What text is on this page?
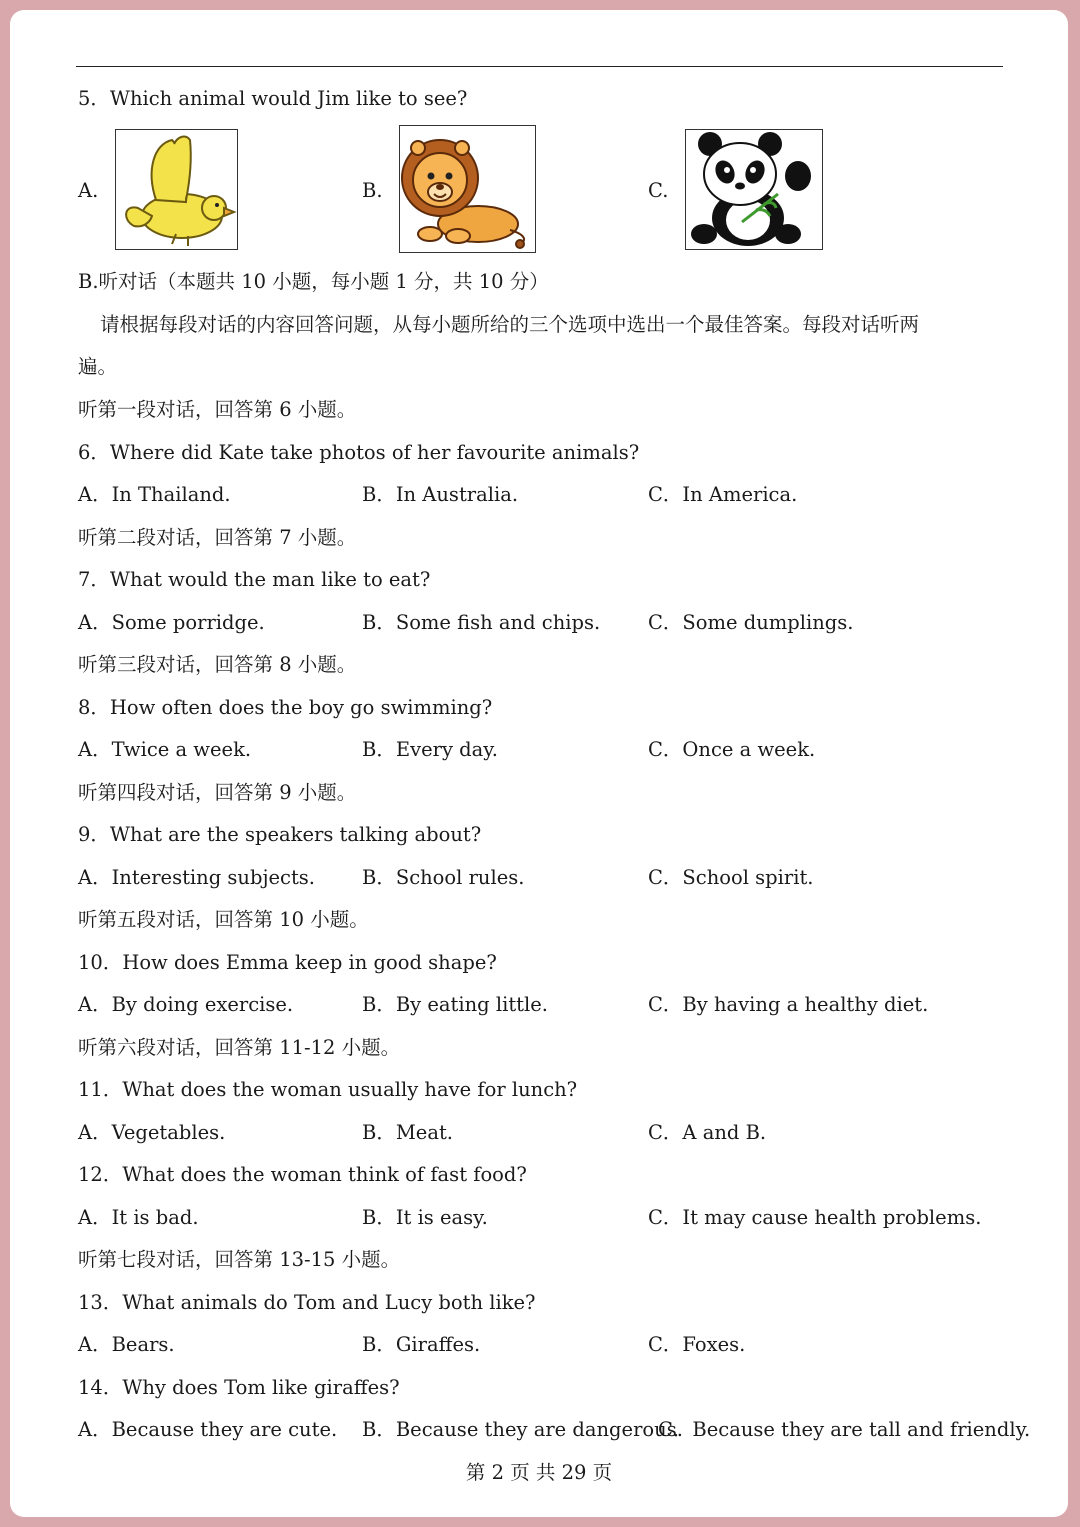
5．Which animal would Jim like to see?
A.	B.	C.
B.听对话（本题共 10 小题，每小题 1 分，共 10 分）
请根据每段对话的内容回答问题，从每小题所给的三个选项中选出一个最佳答案。每段对话听两
遍。
听第一段对话，回答第 6 小题。
6．Where did Kate take photos of her favourite animals?
A．In Thailand.	B．In Australia.	C．In America.
听第二段对话，回答第 7 小题。
7．What would the man like to eat?
A．Some porridge.	B．Some fish and chips. C．Some dumplings.
听第三段对话，回答第 8 小题。
8．How often does the boy go swimming?
A．Twice a week.	B．Every day.	C．Once a week.
听第四段对话，回答第 9 小题。
9．What are the speakers talking about?
A．Interesting subjects. B．School rules.	C．School spirit.
听第五段对话，回答第 10 小题。
10．How does Emma keep in good shape?
A．By doing exercise.	B．By eating little.	C．By having a healthy diet.
听第六段对话，回答第 11-12 小题。
11．What does the woman usually have for lunch?
A．Vegetables.	B．Meat.	C．A and B.
12．What does the woman think of fast food?
A．It is bad.	B．It is easy.	C．It may cause health problems.
听第七段对话，回答第 13-15 小题。
13．What animals do Tom and Lucy both like?
A．Bears.	B．Giraffes.	C．Foxes.
14．Why does Tom like giraffes?
A．Because they are cute. B．Because they are dangerous.
C．Because they are tall and friendly.
第 2 页 共 29 页
